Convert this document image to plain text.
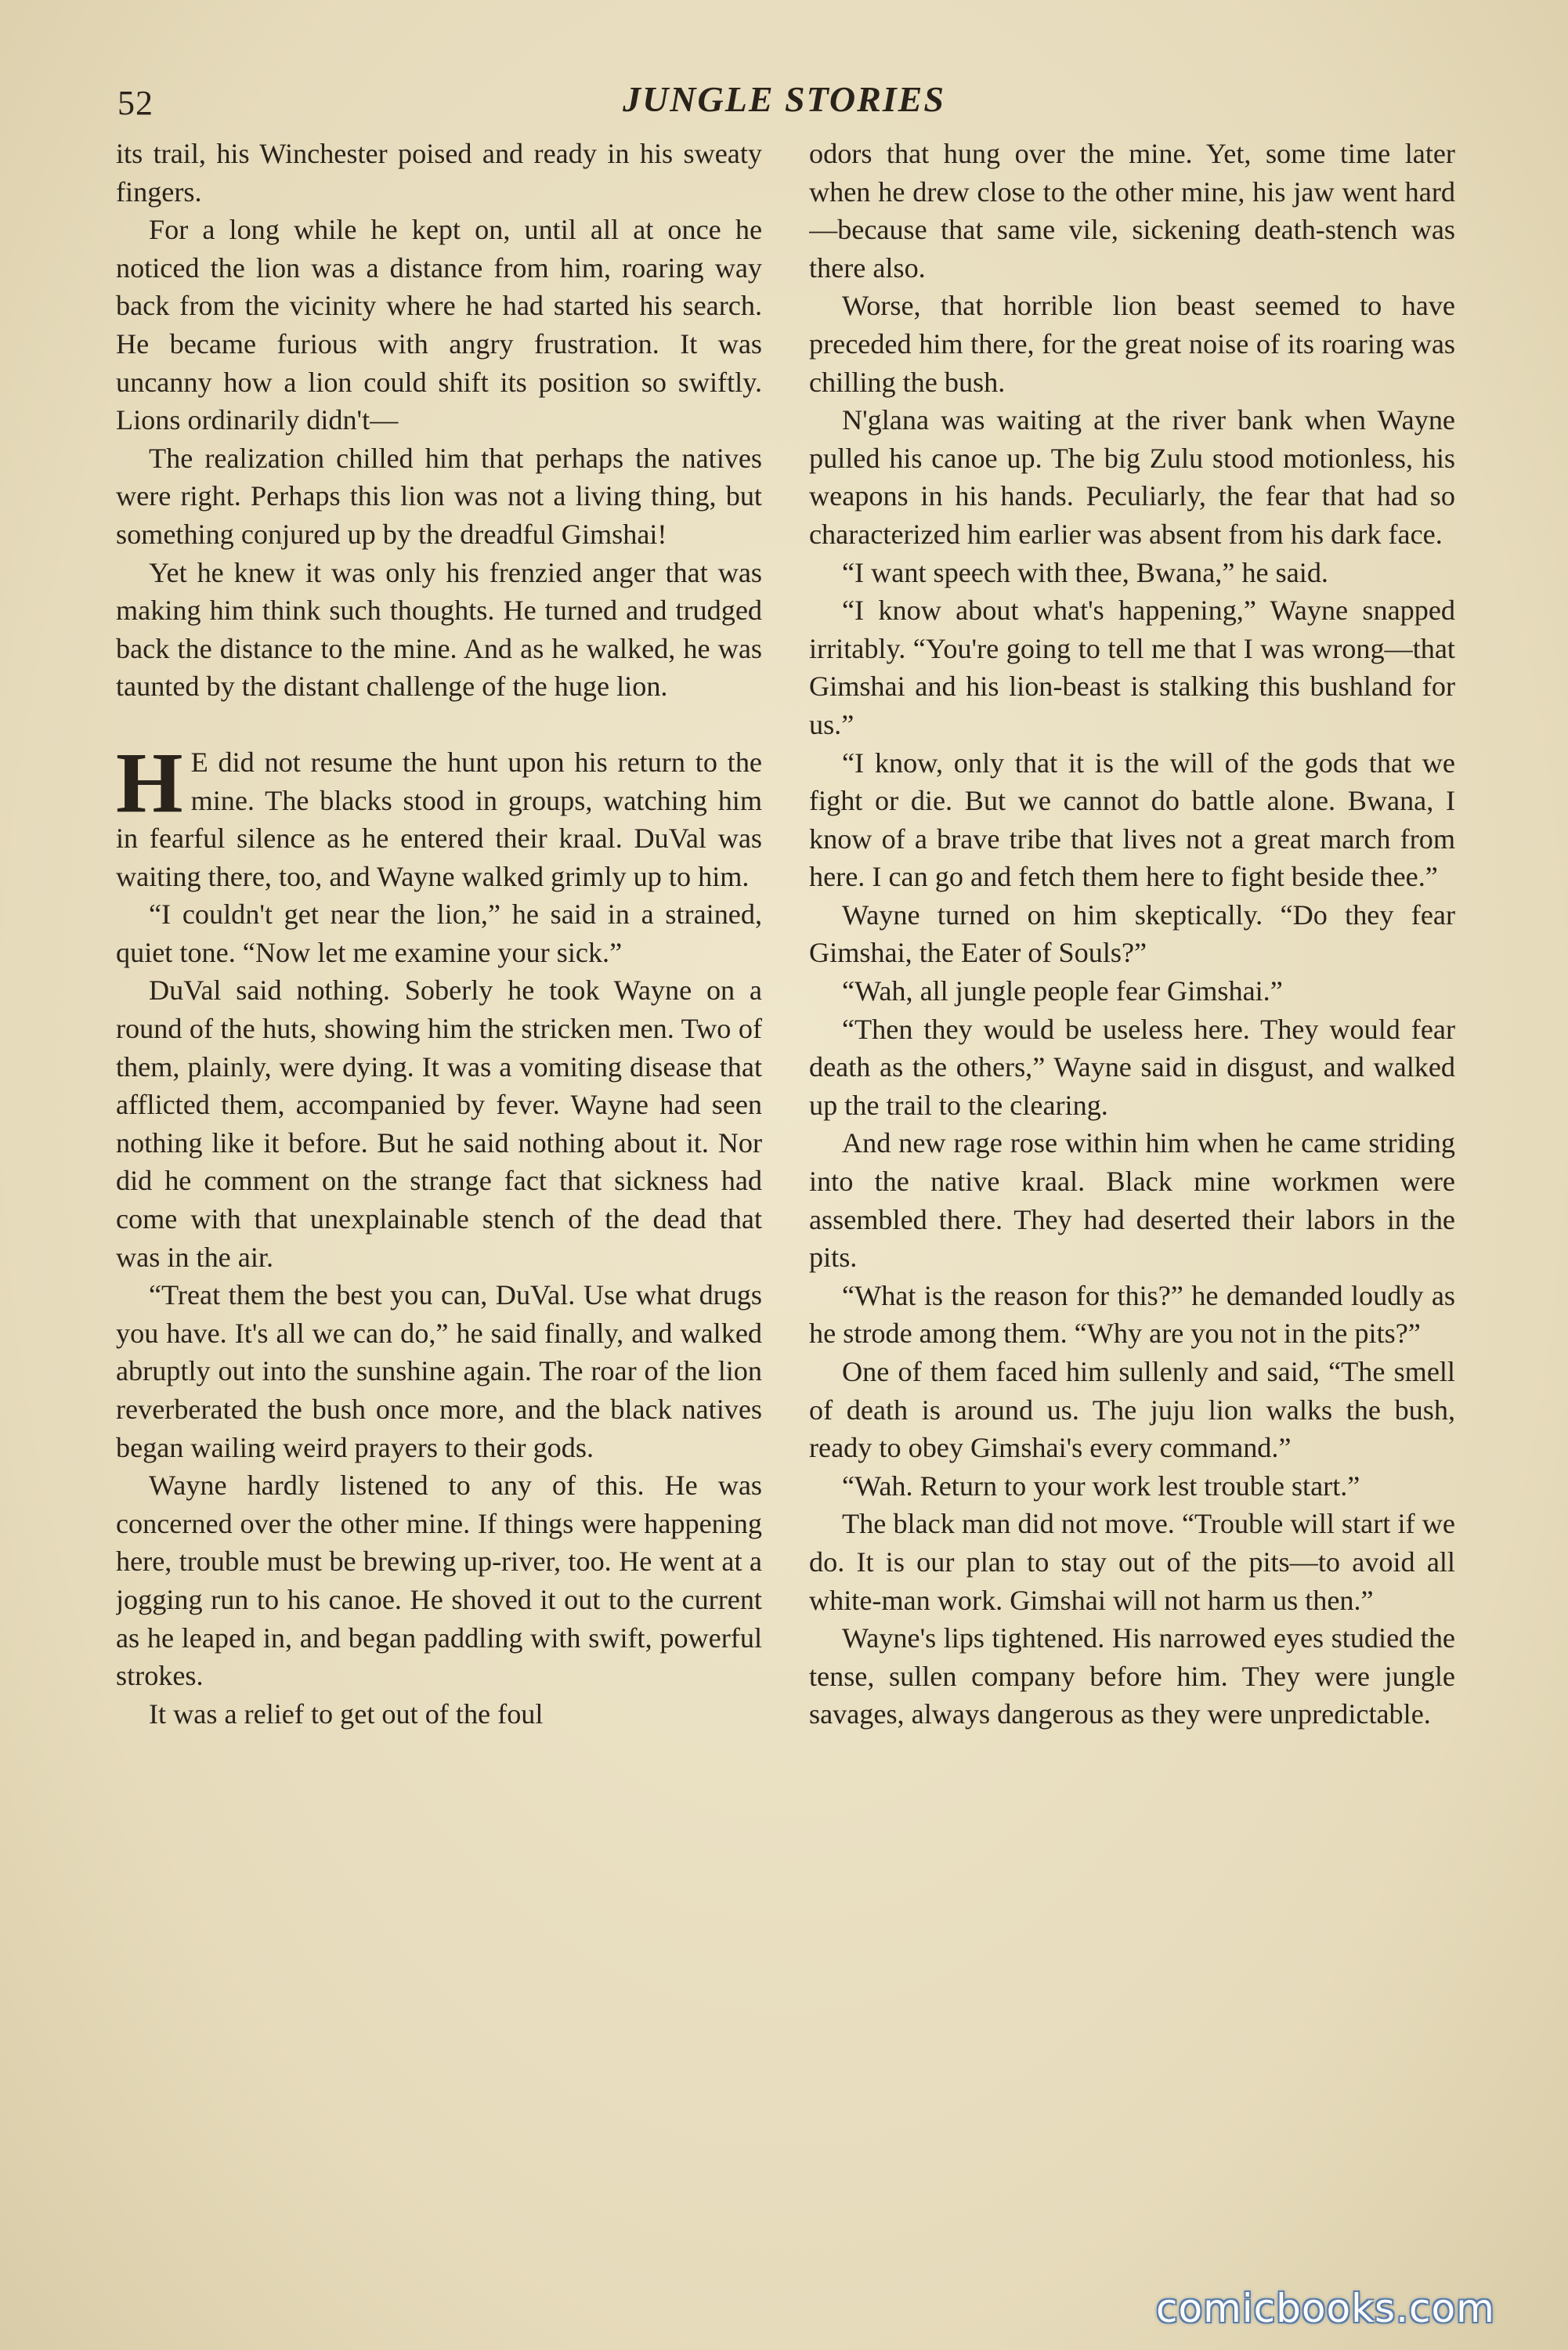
52	JUNGLE STORIES

its trail, his Winchester poised and ready in his sweaty fingers.

For a long while he kept on, until all at once he noticed the lion was a distance from him, roaring way back from the vicinity where he had started his search. He became furious with angry frustration. It was uncanny how a lion could shift its position so swiftly. Lions ordinarily didn't—

The realization chilled him that perhaps the natives were right. Perhaps this lion was not a living thing, but something conjured up by the dreadful Gimshai!

Yet he knew it was only his frenzied anger that was making him think such thoughts. He turned and trudged back the distance to the mine. And as he walked, he was taunted by the distant challenge of the huge lion.

HE did not resume the hunt upon his return to the mine. The blacks stood in groups, watching him in fearful silence as he entered their kraal. DuVal was waiting there, too, and Wayne walked grimly up to him.

“I couldn't get near the lion,” he said in a strained, quiet tone. “Now let me examine your sick.”

DuVal said nothing. Soberly he took Wayne on a round of the huts, showing him the stricken men. Two of them, plainly, were dying. It was a vomiting disease that afflicted them, accompanied by fever. Wayne had seen nothing like it before. But he said nothing about it. Nor did he comment on the strange fact that sickness had come with that unexplainable stench of the dead that was in the air.

“Treat them the best you can, DuVal. Use what drugs you have. It's all we can do,” he said finally, and walked abruptly out into the sunshine again. The roar of the lion reverberated the bush once more, and the black natives began wailing weird prayers to their gods.

Wayne hardly listened to any of this. He was concerned over the other mine. If things were happening here, trouble must be brewing up-river, too. He went at a jogging run to his canoe. He shoved it out to the current as he leaped in, and began paddling with swift, powerful strokes.

It was a relief to get out of the foul

odors that hung over the mine. Yet, some time later when he drew close to the other mine, his jaw went hard—because that same vile, sickening death-stench was there also.

Worse, that horrible lion beast seemed to have preceded him there, for the great noise of its roaring was chilling the bush.

N'glana was waiting at the river bank when Wayne pulled his canoe up. The big Zulu stood motionless, his weapons in his hands. Peculiarly, the fear that had so characterized him earlier was absent from his dark face.

“I want speech with thee, Bwana,” he said.

“I know about what's happening,” Wayne snapped irritably. “You're going to tell me that I was wrong—that Gimshai and his lion-beast is stalking this bushland for us.”

“I know, only that it is the will of the gods that we fight or die. But we cannot do battle alone. Bwana, I know of a brave tribe that lives not a great march from here. I can go and fetch them here to fight beside thee.”

Wayne turned on him skeptically. “Do they fear Gimshai, the Eater of Souls?”

“Wah, all jungle people fear Gimshai.”

“Then they would be useless here. They would fear death as the others,” Wayne said in disgust, and walked up the trail to the clearing.

And new rage rose within him when he came striding into the native kraal. Black mine workmen were assembled there. They had deserted their labors in the pits.

“What is the reason for this?” he demanded loudly as he strode among them. “Why are you not in the pits?”

One of them faced him sullenly and said, “The smell of death is around us. The juju lion walks the bush, ready to obey Gimshai's every command.”

“Wah. Return to your work lest trouble start.”

The black man did not move. “Trouble will start if we do. It is our plan to stay out of the pits—to avoid all white-man work. Gimshai will not harm us then.”

Wayne's lips tightened. His narrowed eyes studied the tense, sullen company before him. They were jungle savages, always dangerous as they were unpredictable.

comicbooks.com
